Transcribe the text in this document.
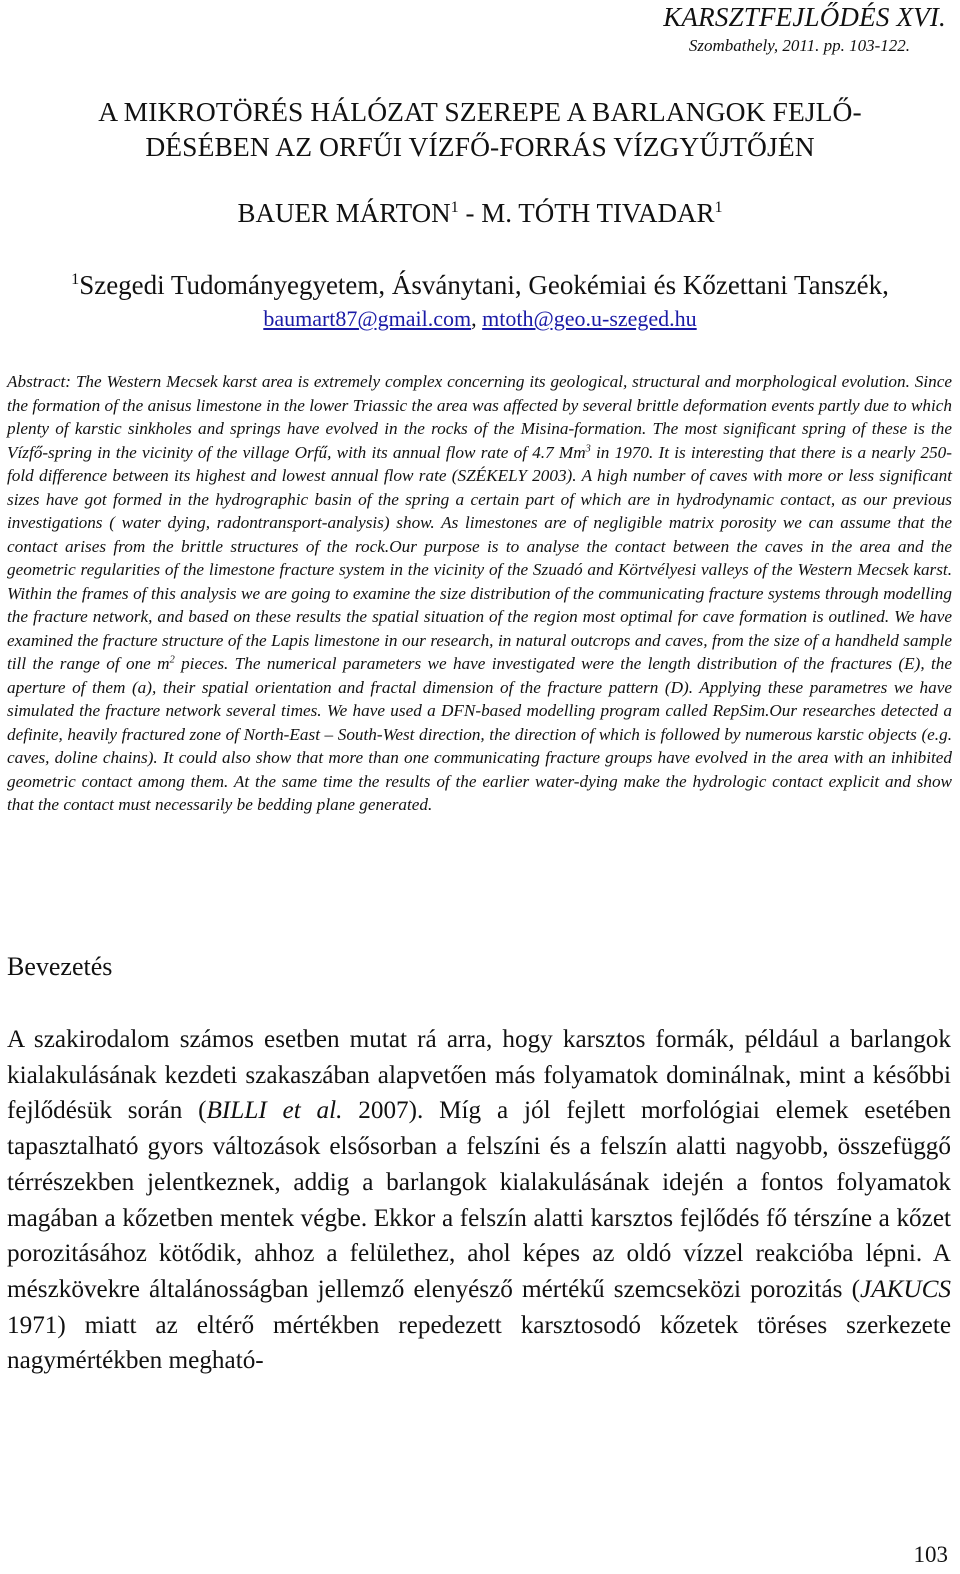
KARSZTFEJLŐDÉS XVI.
Szombathely, 2011. pp. 103-122.
A MIKROTÖRÉS HÁLÓZAT SZEREPE A BARLANGOK FEJLŐ-
DÉSÉBEN AZ ORFŰI VÍZFŐ-FORRÁS VÍZGYŰJTŐJÉN
BAUER MÁRTON$^1$ - M. TÓTH TIVADAR$^1$
$^1$Szegedi Tudományegyetem, Ásványtani, Geokémiai és Kőzettani Tanszék,
baumart87@gmail.com, mtoth@geo.u-szeged.hu

Abstract: The Western Mecsek karst area is extremely complex concerning its geological, structural and morphological evolution. Since the formation of the anisus limestone in the lower Triassic the area was affected by several brittle deformation events partly due to which plenty of karstic sinkholes and springs have evolved in the rocks of the Misina-formation. The most significant spring of these is the Vízfő-spring in the vicinity of the village Orfű, with its annual flow rate of 4.7 Mm$^3$ in 1970. It is interesting that there is a nearly 250- fold difference between its highest and lowest annual flow rate (SZÉKELY 2003). A high number of caves with more or less significant sizes have got formed in the hydrographic basin of the spring a certain part of which are in hydrodynamic contact, as our previous investigations ( water dying, radontransport-analysis) show. As limestones are of negligible matrix porosity we can assume that the contact arises from the brittle structures of the rock.Our purpose is to analyse the contact between the caves in the area and the geometric regularities of the limestone fracture system in the vicinity of the Szuadó and Körtvélyesi valleys of the Western Mecsek karst. Within the frames of this analysis we are going to examine the size distribution of the communicating fracture systems through modelling the fracture network, and based on these results the spatial situation of the region most optimal for cave formation is outlined. We have examined the fracture structure of the Lapis limestone in our research, in natural outcrops and caves, from the size of a handheld sample till the range of one $m^2$ pieces. The numerical parameters we have investigated were the length distribution of the fractures (E), the aperture of them (a), their spatial orientation and fractal dimension of the fracture pattern (D). Applying these parametres we have simulated the fracture network several times. We have used a DFN-based modelling program called RepSim.Our researches detected a definite, heavily fractured zone of North-East – South-West direction, the direction of which is followed by numerous karstic objects (e.g. caves, doline chains). It could also show that more than one communicating fracture groups have evolved in the area with an inhibited geometric contact among them. At the same time the results of the earlier water-dying make the hydrologic contact explicit and show that the contact must necessarily be bedding plane generated.

Bevezetés

A szakirodalom számos esetben mutat rá arra, hogy karsztos formák, például a barlangok kialakulásának kezdeti szakaszában alapvetően más folyamatok dominálnak, mint a későbbi fejlődésük során (BILLI et al. 2007). Míg a jól fejlett morfológiai elemek esetében tapasztalható gyors változások elsősorban a felszíni és a felszín alatti nagyobb, összefüggő térrészekben jelentkeznek, addig a barlangok kialakulásának idején a fontos folyamatok magában a kőzetben mentek végbe. Ekkor a felszín alatti karsztos fejlődés fő térszíne a kőzet porozitásához kötődik, ahhoz a felülethez, ahol képes az oldó vízzel reakcióba lépni. A mészkövekre általánosságban jellemző elenyésző mértékű szemcseközi porozitás (JAKUCS 1971) miatt az eltérő mértékben repedezett karsztosodó kőzetek töréses szerkezete nagymértékben megható-

103
